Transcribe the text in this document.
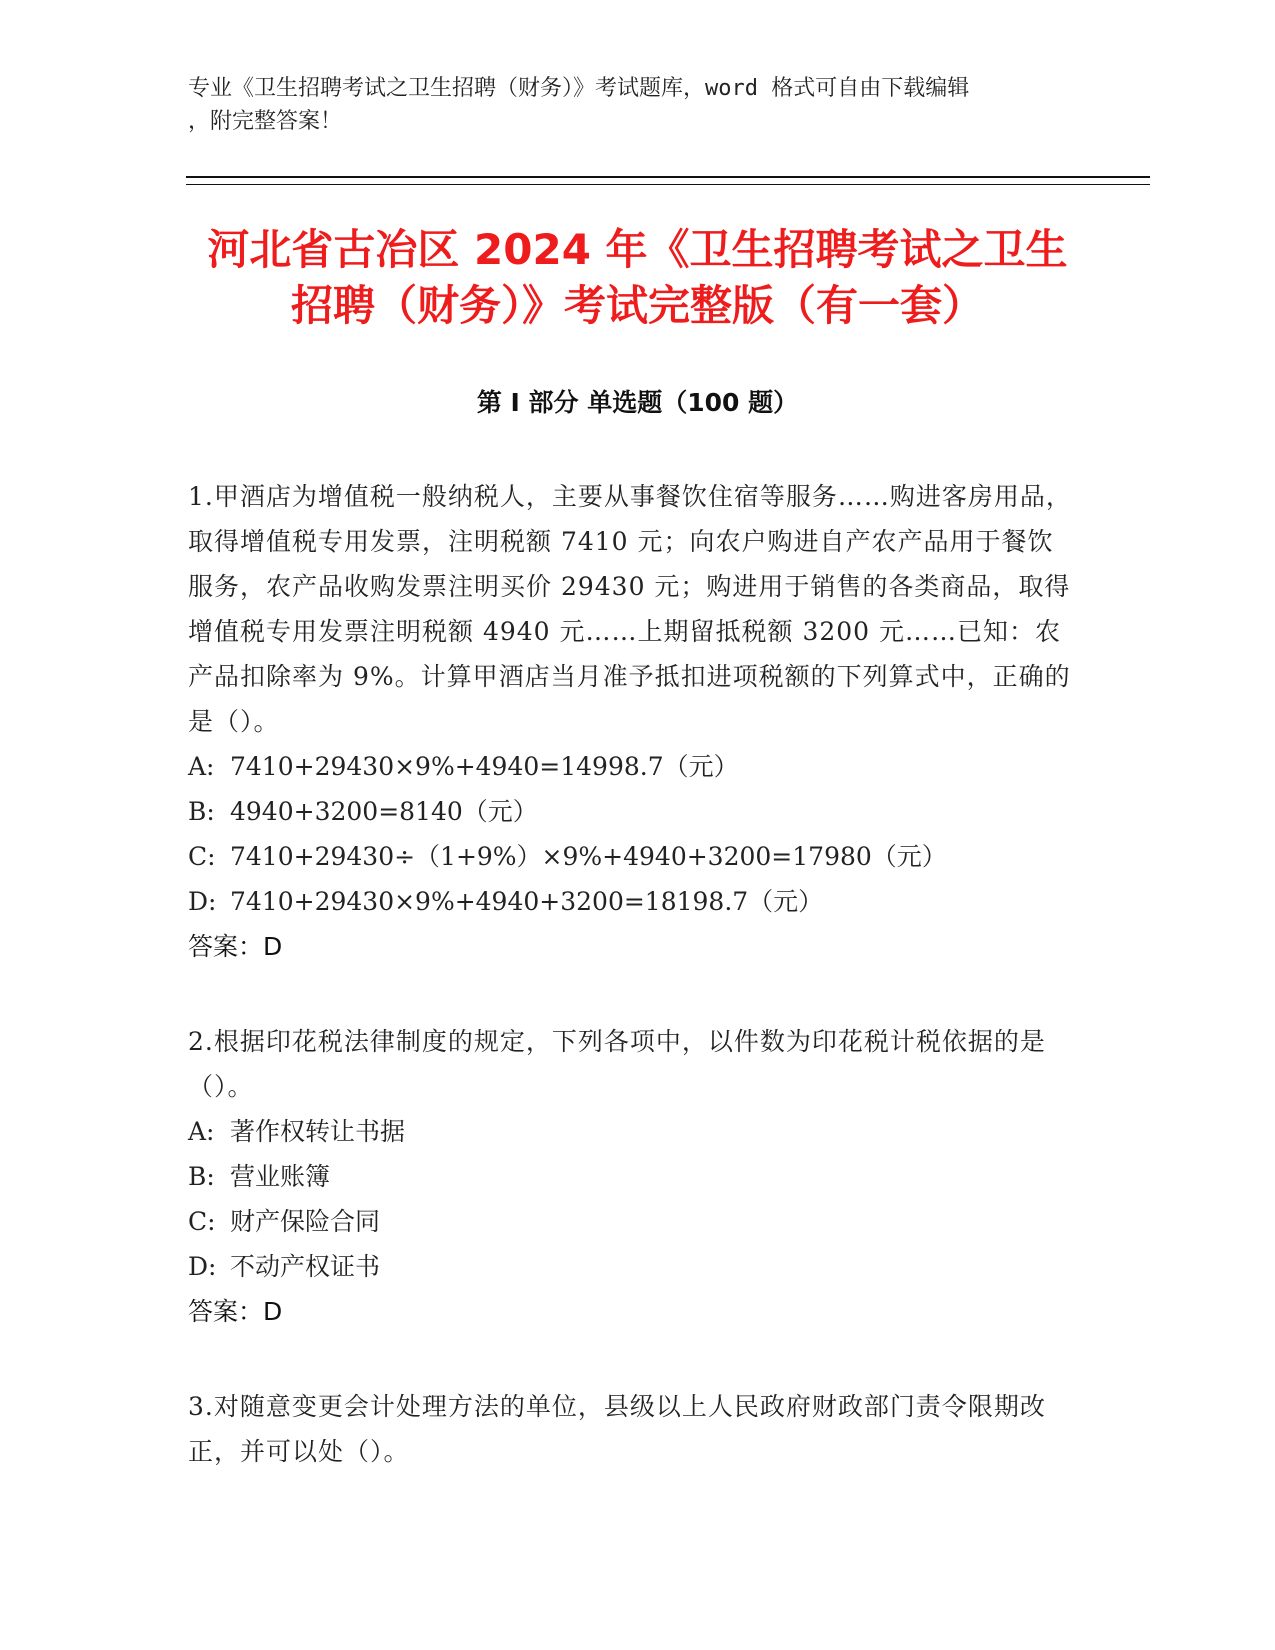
专业《卫生招聘考试之卫生招聘（财务）》考试题库，word 格式可自由下载编辑
，附完整答案！
河北省古冶区 2024 年《卫生招聘考试之卫生
招聘（财务）》考试完整版（有一套）
第 I 部分 单选题（100 题）

1.甲酒店为增值税一般纳税人，主要从事餐饮住宿等服务……购进客房用品，取得增值税专用发票，注明税额 7410 元；向农户购进自产农产品用于餐饮服务，农产品收购发票注明买价 29430 元；购进用于销售的各类商品，取得增值税专用发票注明税额 4940 元……上期留抵税额 3200 元……已知：农产品扣除率为 9%。计算甲酒店当月准予抵扣进项税额的下列算式中，正确的是（）。

A: 7410+29430×9%+4940=14998.7（元）
B: 4940+3200=8140（元）
C: 7410+29430÷（1+9%）×9%+4940+3200=17980（元）
D: 7410+29430×9%+4940+3200=18198.7（元）

答案：D

2.根据印花税法律制度的规定，下列各项中，以件数为印花税计税依据的是（）。

A: 著作权转让书据
B: 营业账簿
C: 财产保险合同
D: 不动产权证书

答案：D

3.对随意变更会计处理方法的单位，县级以上人民政府财政部门责令限期改正，并可以处（）。
